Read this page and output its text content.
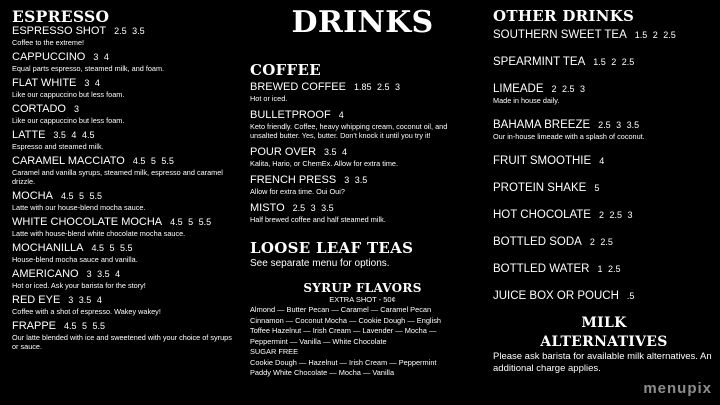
ESPRESSO
ESPRESSO SHOT 2.5 3.5
Coffee to the extreme!
CAPPUCCINO 3 4
Equal parts espresso, steamed milk, and foam.
FLAT WHITE 3 4
Like our cappuccino but less foam.
CORTADO 3
Like our cappuccino but less foam.
LATTE 3.5 4 4.5
Espresso and steamed milk.
CARAMEL MACCIATO 4.5 5 5.5
Caramel and vanilla syrups, steamed milk, espresso and caramel drizzle.
MOCHA 4.5 5 5.5
Latte with our house-blend mocha sauce.
WHITE CHOCOLATE MOCHA 4.5 5 5.5
Latte with house-blend white chocolate mocha sauce.
MOCHANILLA 4.5 5 5.5
House-blend mocha sauce and vanilla.
AMERICANO 3 3.5 4
Hot or iced. Ask your barista for the story!
RED EYE 3 3.5 4
Coffee with a shot of espresso. Wakey wakey!
FRAPPE 4.5 5 5.5
Our latte blended with ice and sweetened with your choice of syrups or sauce.
DRINKS
COFFEE
BREWED COFFEE 1.85 2.5 3
Hot or iced.
BULLETPROOF 4
Keto friendly. Coffee, heavy whipping cream, coconut oil, and unsalted butter. Yes, butter. Don't knock it until you try it!
POUR OVER 3.5 4
Kalita, Hario, or ChemEx. Allow for extra time.
FRENCH PRESS 3 3.5
Allow for extra time. Oui Oui?
MISTO 2.5 3 3.5
Half brewed coffee and half steamed milk.
LOOSE LEAF TEAS
See separate menu for options.
SYRUP FLAVORS
EXTRA SHOT - 50¢
Almond — Butter Pecan — Caramel — Caramel Pecan
Cinnamon — Coconut Mocha — Cookie Dough — English
Toffee Hazelnut — Irish Cream — Lavender — Mocha —
Peppermint — Vanilla — White Chocolate
SUGAR FREE
Cookie Dough — Hazelnut — Irish Cream — Peppermint
Paddy White Chocolate — Mocha — Vanilla
OTHER DRINKS
SOUTHERN SWEET TEA 1.5 2 2.5
SPEARMINT TEA 1.5 2 2.5
LIMEADE 2 2.5 3
Made in house daily.
BAHAMA BREEZE 2.5 3 3.5
Our in-house limeade with a splash of coconut.
FRUIT SMOOTHIE 4
PROTEIN SHAKE 5
HOT CHOCOLATE 2 2.5 3
BOTTLED SODA 2 2.5
BOTTLED WATER 1 2.5
JUICE BOX OR POUCH .5
MILK
ALTERNATIVES
Please ask barista for available milk alternatives. An additional charge applies.
menupix
